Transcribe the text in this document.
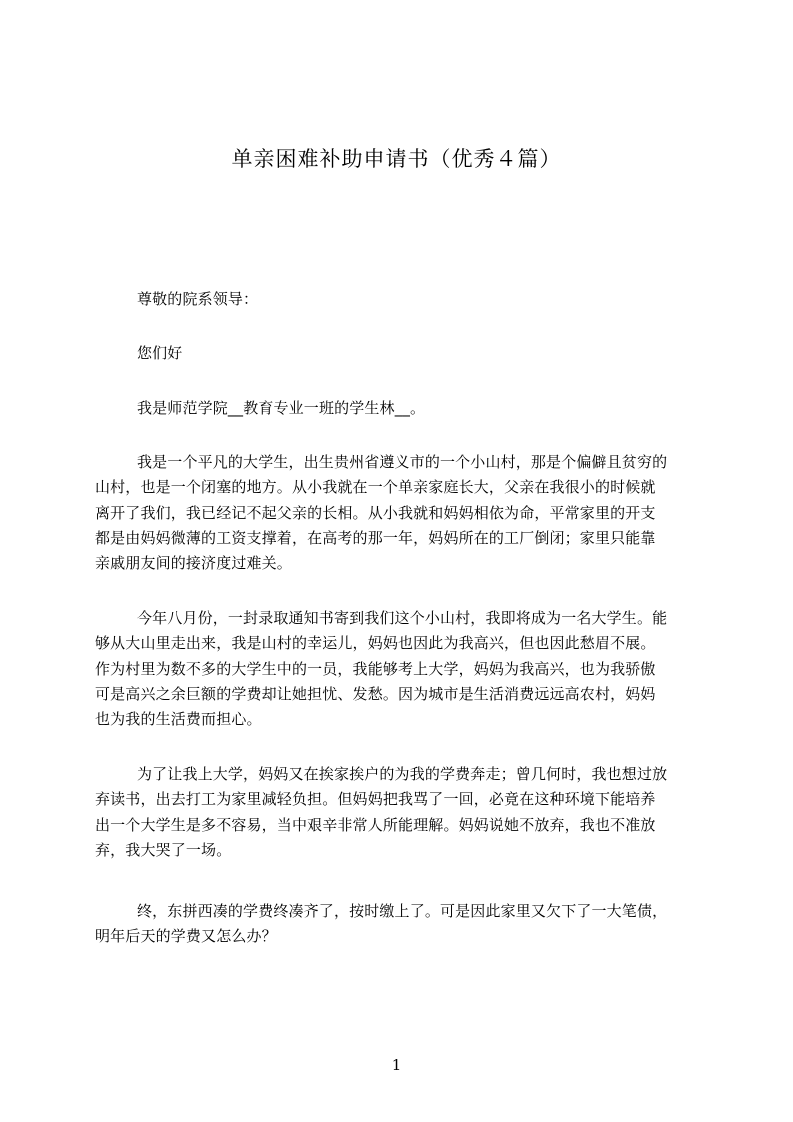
单亲困难补助申请书（优秀４篇）
尊敬的院系领导：
您们好
我是师范学院__教育专业一班的学生林__。
我是一个平凡的大学生，出生贵州省遵义市的一个小山村，那是个偏僻且贫穷的
山村，也是一个闭塞的地方。从小我就在一个单亲家庭长大，父亲在我很小的时候就
离开了我们，我已经记不起父亲的长相。从小我就和妈妈相依为命，平常家里的开支
都是由妈妈微薄的工资支撑着，在高考的那一年，妈妈所在的工厂倒闭；家里只能靠
亲戚朋友间的接济度过难关。
今年八月份，一封录取通知书寄到我们这个小山村，我即将成为一名大学生。能
够从大山里走出来，我是山村的幸运儿，妈妈也因此为我高兴，但也因此愁眉不展。
作为村里为数不多的大学生中的一员，我能够考上大学，妈妈为我高兴，也为我骄傲
可是高兴之余巨额的学费却让她担忧、发愁。因为城市是生活消费远远高农村，妈妈
也为我的生活费而担心。
为了让我上大学，妈妈又在挨家挨户的为我的学费奔走；曾几何时，我也想过放
弃读书，出去打工为家里减轻负担。但妈妈把我骂了一回，必竟在这种环境下能培养
出一个大学生是多不容易，当中艰辛非常人所能理解。妈妈说她不放弃，我也不准放
弃，我大哭了一场。
终，东拼西凑的学费终凑齐了，按时缴上了。可是因此家里又欠下了一大笔债，
明年后天的学费又怎么办？
1
